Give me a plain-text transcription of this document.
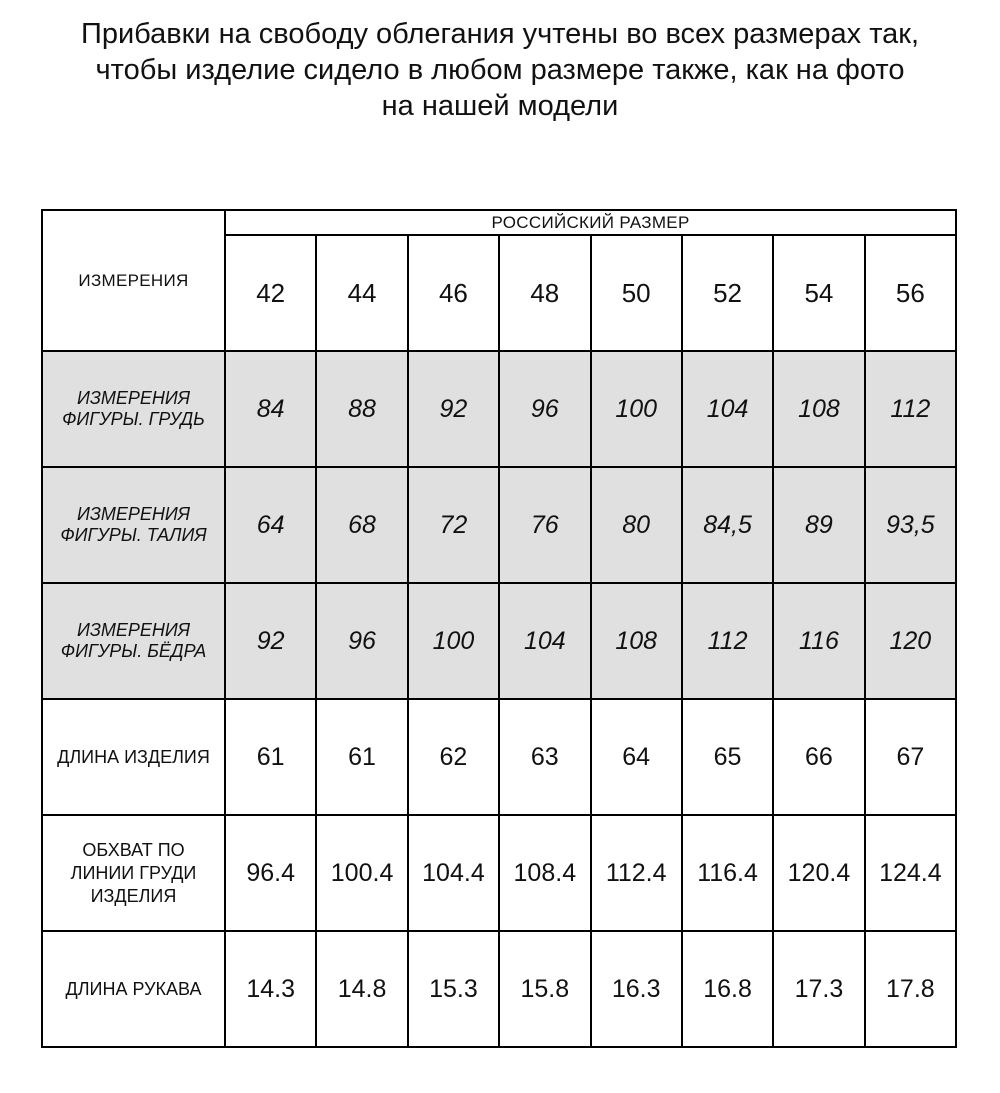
Прибавки на свободу облегания учтены во всех размерах так,
чтобы изделие сидело в любом размере также, как на фото
на нашей модели
ИЗМЕРЕНИЯ	РОССИЙСКИЙ РАЗМЕР							
	42	44	46	48	50	52	54	56

ИЗМЕРЕНИЯ
ФИГУРЫ. ГРУДЬ	84	88	92	96	100	104	108	112

ИЗМЕРЕНИЯ
ФИГУРЫ. ТАЛИЯ	64	68	72	76	80	84,5	89	93,5

ИЗМЕРЕНИЯ
ФИГУРЫ. БЁДРА	92	96	100	104	108	112	116	120

ДЛИНА ИЗДЕЛИЯ	61	61	62	63	64	65	66	67

ОБХВАТ ПО
ЛИНИИ ГРУДИ
ИЗДЕЛИЯ	96.4	100.4	104.4	108.4	112.4	116.4	120.4	124.4

ДЛИНА РУКАВА	14.3	14.8	15.3	15.8	16.3	16.8	17.3	17.8
